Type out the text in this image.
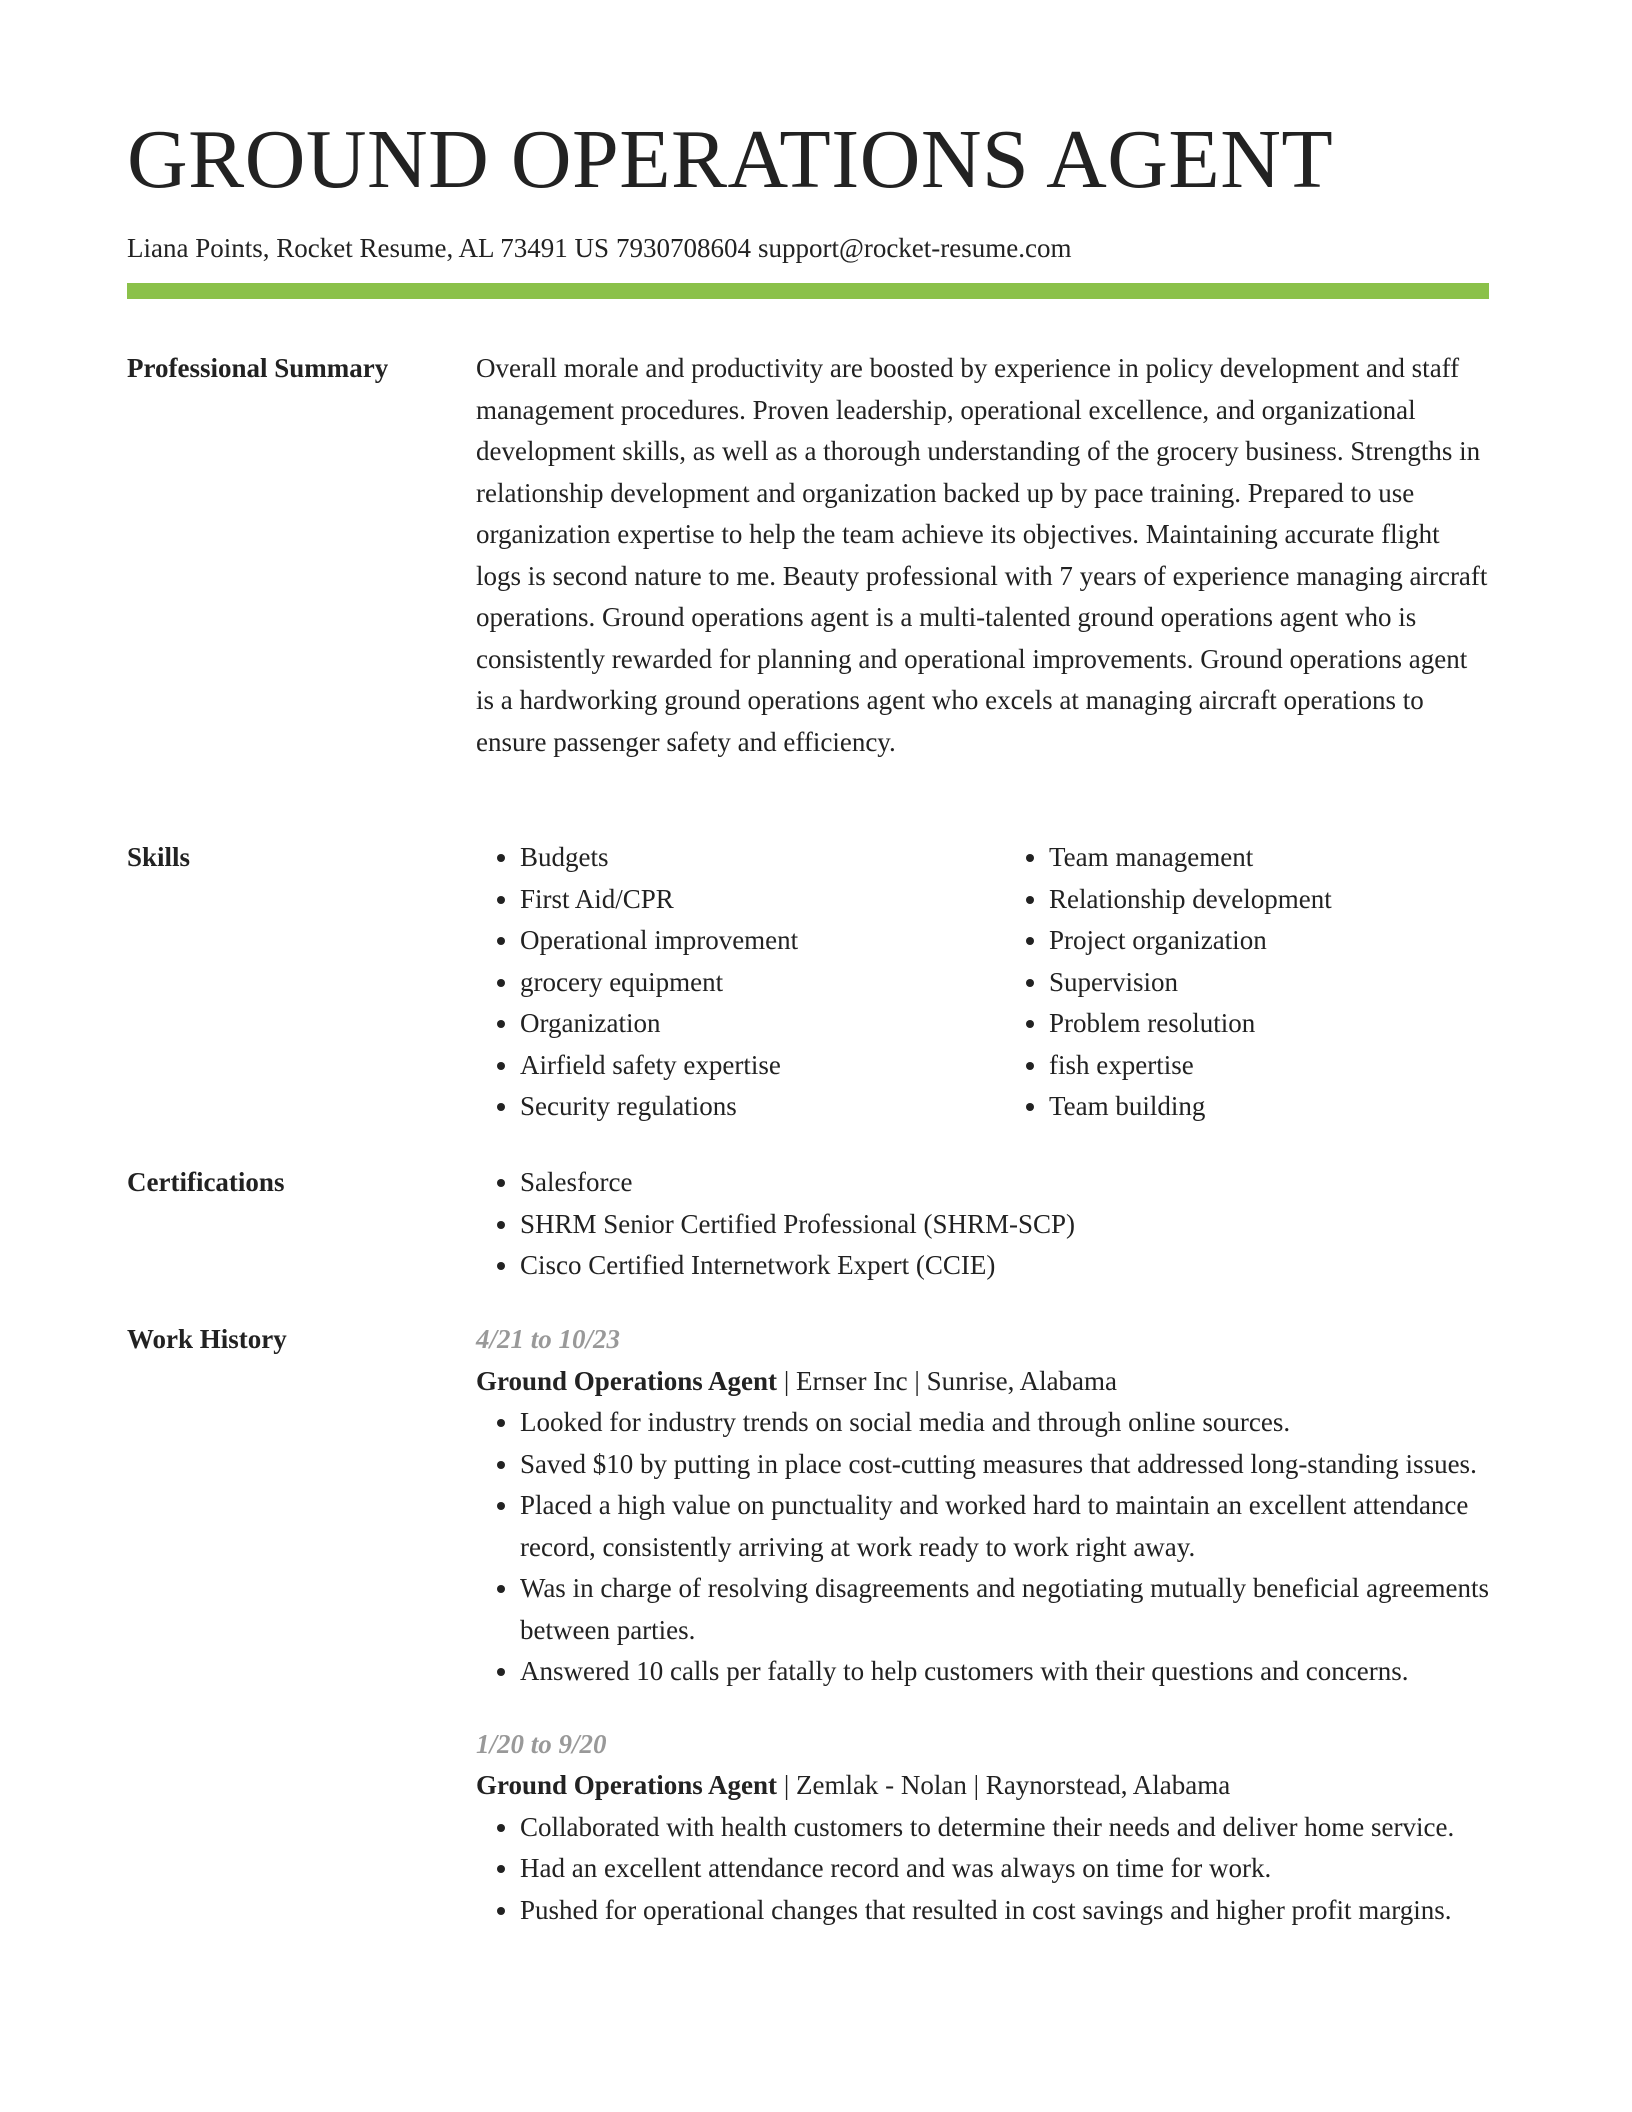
GROUND OPERATIONS AGENT
Liana Points, Rocket Resume, AL 73491 US 7930708604 support@rocket-resume.com
Professional Summary	Overall morale and productivity are boosted by experience in policy development and staff management procedures. Proven leadership, operational excellence, and organizational development skills, as well as a thorough understanding of the grocery business. Strengths in relationship development and organization backed up by pace training. Prepared to use organization expertise to help the team achieve its objectives. Maintaining accurate flight logs is second nature to me. Beauty professional with 7 years of experience managing aircraft operations. Ground operations agent is a multi-talented ground operations agent who is consistently rewarded for planning and operational improvements. Ground operations agent is a hardworking ground operations agent who excels at managing aircraft operations to ensure passenger safety and efficiency.

Skills	• Budgets
• First Aid/CPR
• Operational improvement
• grocery equipment
• Organization
• Airfield safety expertise
• Security regulations
• Team management
• Relationship development
• Project organization
• Supervision
• Problem resolution
• fish expertise
• Team building
Certifications	• Salesforce
• SHRM Senior Certified Professional (SHRM-SCP)
• Cisco Certified Internetwork Expert (CCIE)
Work History	4/21 to 10/23
Ground Operations Agent | Ernser Inc | Sunrise, Alabama
• Looked for industry trends on social media and through online sources.
• Saved $10 by putting in place cost-cutting measures that addressed long-standing issues.
• Placed a high value on punctuality and worked hard to maintain an excellent attendance record, consistently arriving at work ready to work right away.
• Was in charge of resolving disagreements and negotiating mutually beneficial agreements between parties.
• Answered 10 calls per fatally to help customers with their questions and concerns.
1/20 to 9/20
Ground Operations Agent | Zemlak - Nolan | Raynorstead, Alabama
• Collaborated with health customers to determine their needs and deliver home service.
• Had an excellent attendance record and was always on time for work.
• Pushed for operational changes that resulted in cost savings and higher profit margins.
